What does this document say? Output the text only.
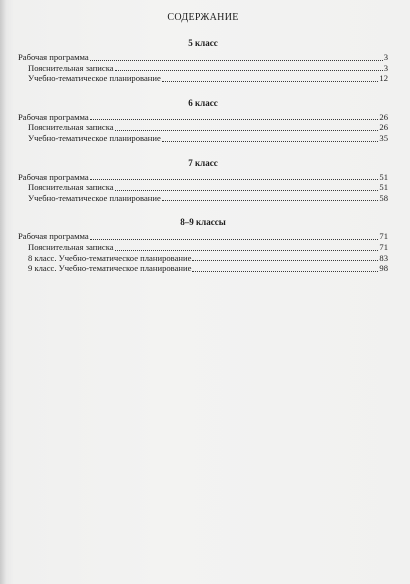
СОДЕРЖАНИЕ
5 класс
Рабочая программа	3
Пояснительная записка	3
Учебно-тематическое планирование	12
6 класс
Рабочая программа	26
Пояснительная записка	26
Учебно-тематическое планирование	35
7 класс
Рабочая программа	51
Пояснительная записка	51
Учебно-тематическое планирование	58
8–9 классы
Рабочая программа	71
Пояснительная записка	71
8 класс. Учебно-тематическое планирование	83
9 класс. Учебно-тематическое планирование	98
